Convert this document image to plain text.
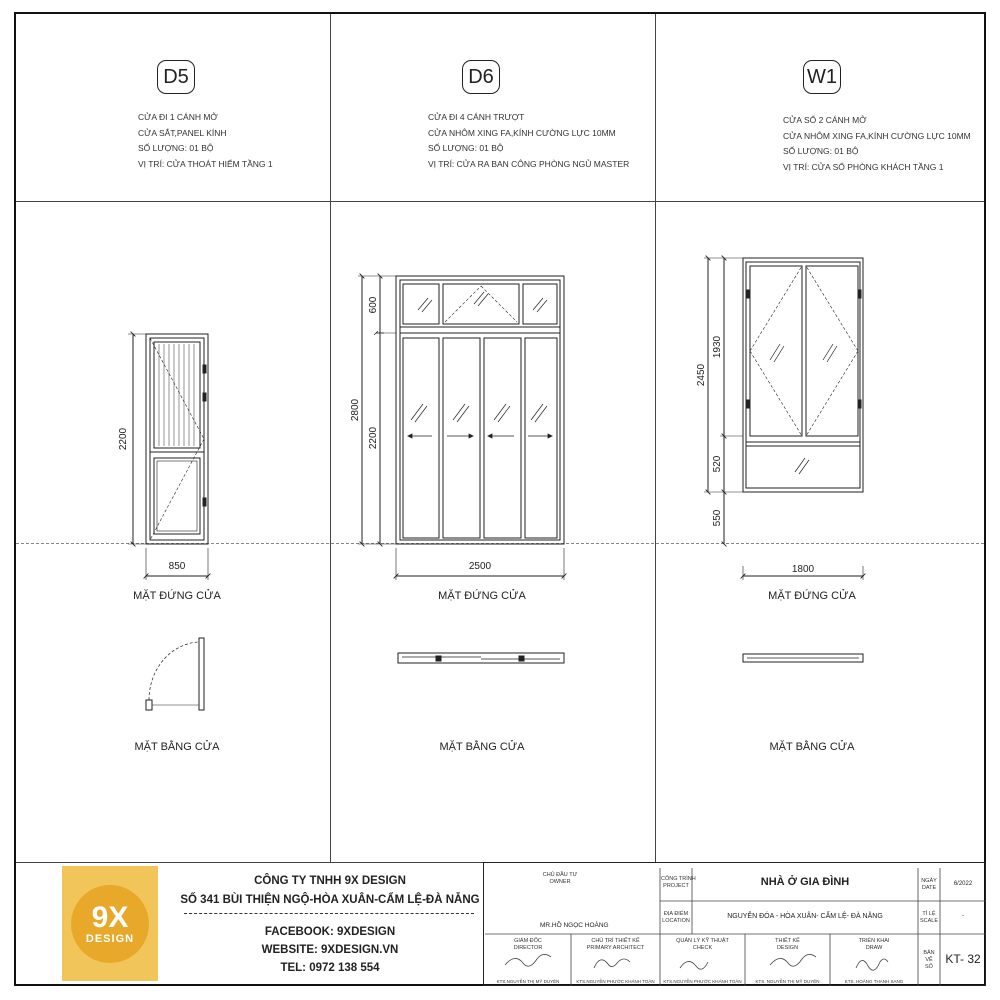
D5
CỬA ĐI 1 CÁNH MỞ
CỬA SẮT,PANEL KÍNH
SỐ LƯỢNG: 01 BỘ
VỊ TRÍ: CỬA THOÁT HIỂM TẦNG 1
D6
CỬA ĐI 4 CÁNH TRƯỢT
CỬA NHÔM XING FA,KÍNH CƯỜNG LỰC 10MM
SỐ LƯỢNG: 01 BỘ
VỊ TRÍ: CỬA RA BAN CÔNG PHÒNG NGỦ MASTER
W1
CỬA SỔ 2 CÁNH MỞ
CỬA NHÔM XING FA,KÍNH CƯỜNG LỰC 10MM
SỐ LƯỢNG: 01 BỘ
VỊ TRÍ: CỬA SỔ PHÒNG KHÁCH TẦNG 1
2200
850
600
2800
2200
2500
2450
1930
520
550
1800
MẶT ĐỨNG CỬA	MẶT ĐỨNG CỬA	MẶT ĐỨNG CỬA
MẶT BẰNG CỬA	MẶT BẰNG CỬA	MẶT BẰNG CỬA
9X
DESIGN
CÔNG TY TNHH 9X DESIGN
SỐ 341 BÙI THIỆN NGỘ-HÒA XUÂN-CẨM LỆ-ĐÀ NẴNG
FACEBOOK: 9XDESIGN
WEBSITE: 9XDESIGN.VN
TEL: 0972 138 554
CHỦ ĐẦU TƯ
OWNER
MR.HỒ NGỌC HOÀNG
CÔNG TRÌNH
PROJECT	NHÀ Ở GIA ĐÌNH
ĐỊA ĐIỂM
LOCATION
NGUYỄN ĐÓA - HÒA XUÂN- CẨM LỆ- ĐÀ NẴNG
NGÀY
DATE
6/2022
TỈ LỆ
SCALE
-
BẢN
VẼ
SỐ
KT- 32
GIÁM ĐỐC
DIRECTOR
KTS.NGUYỄN THỊ MỸ DUYÊN
CHỦ TRÌ THIẾT KẾ
PRIMARY ARCHITECT
KTS.NGUYỄN PHƯỚC KHÁNH TOÀN
QUẢN LÝ KỸ THUẬT
CHECK
KTS.NGUYỄN PHƯỚC KHÁNH TOÀN
THIẾT KẾ
DESIGN
KTS. NGUYỄN THỊ MỸ DUYÊN
TRIỂN KHAI
DRAW
KTS. HOÀNG THANH SANG
